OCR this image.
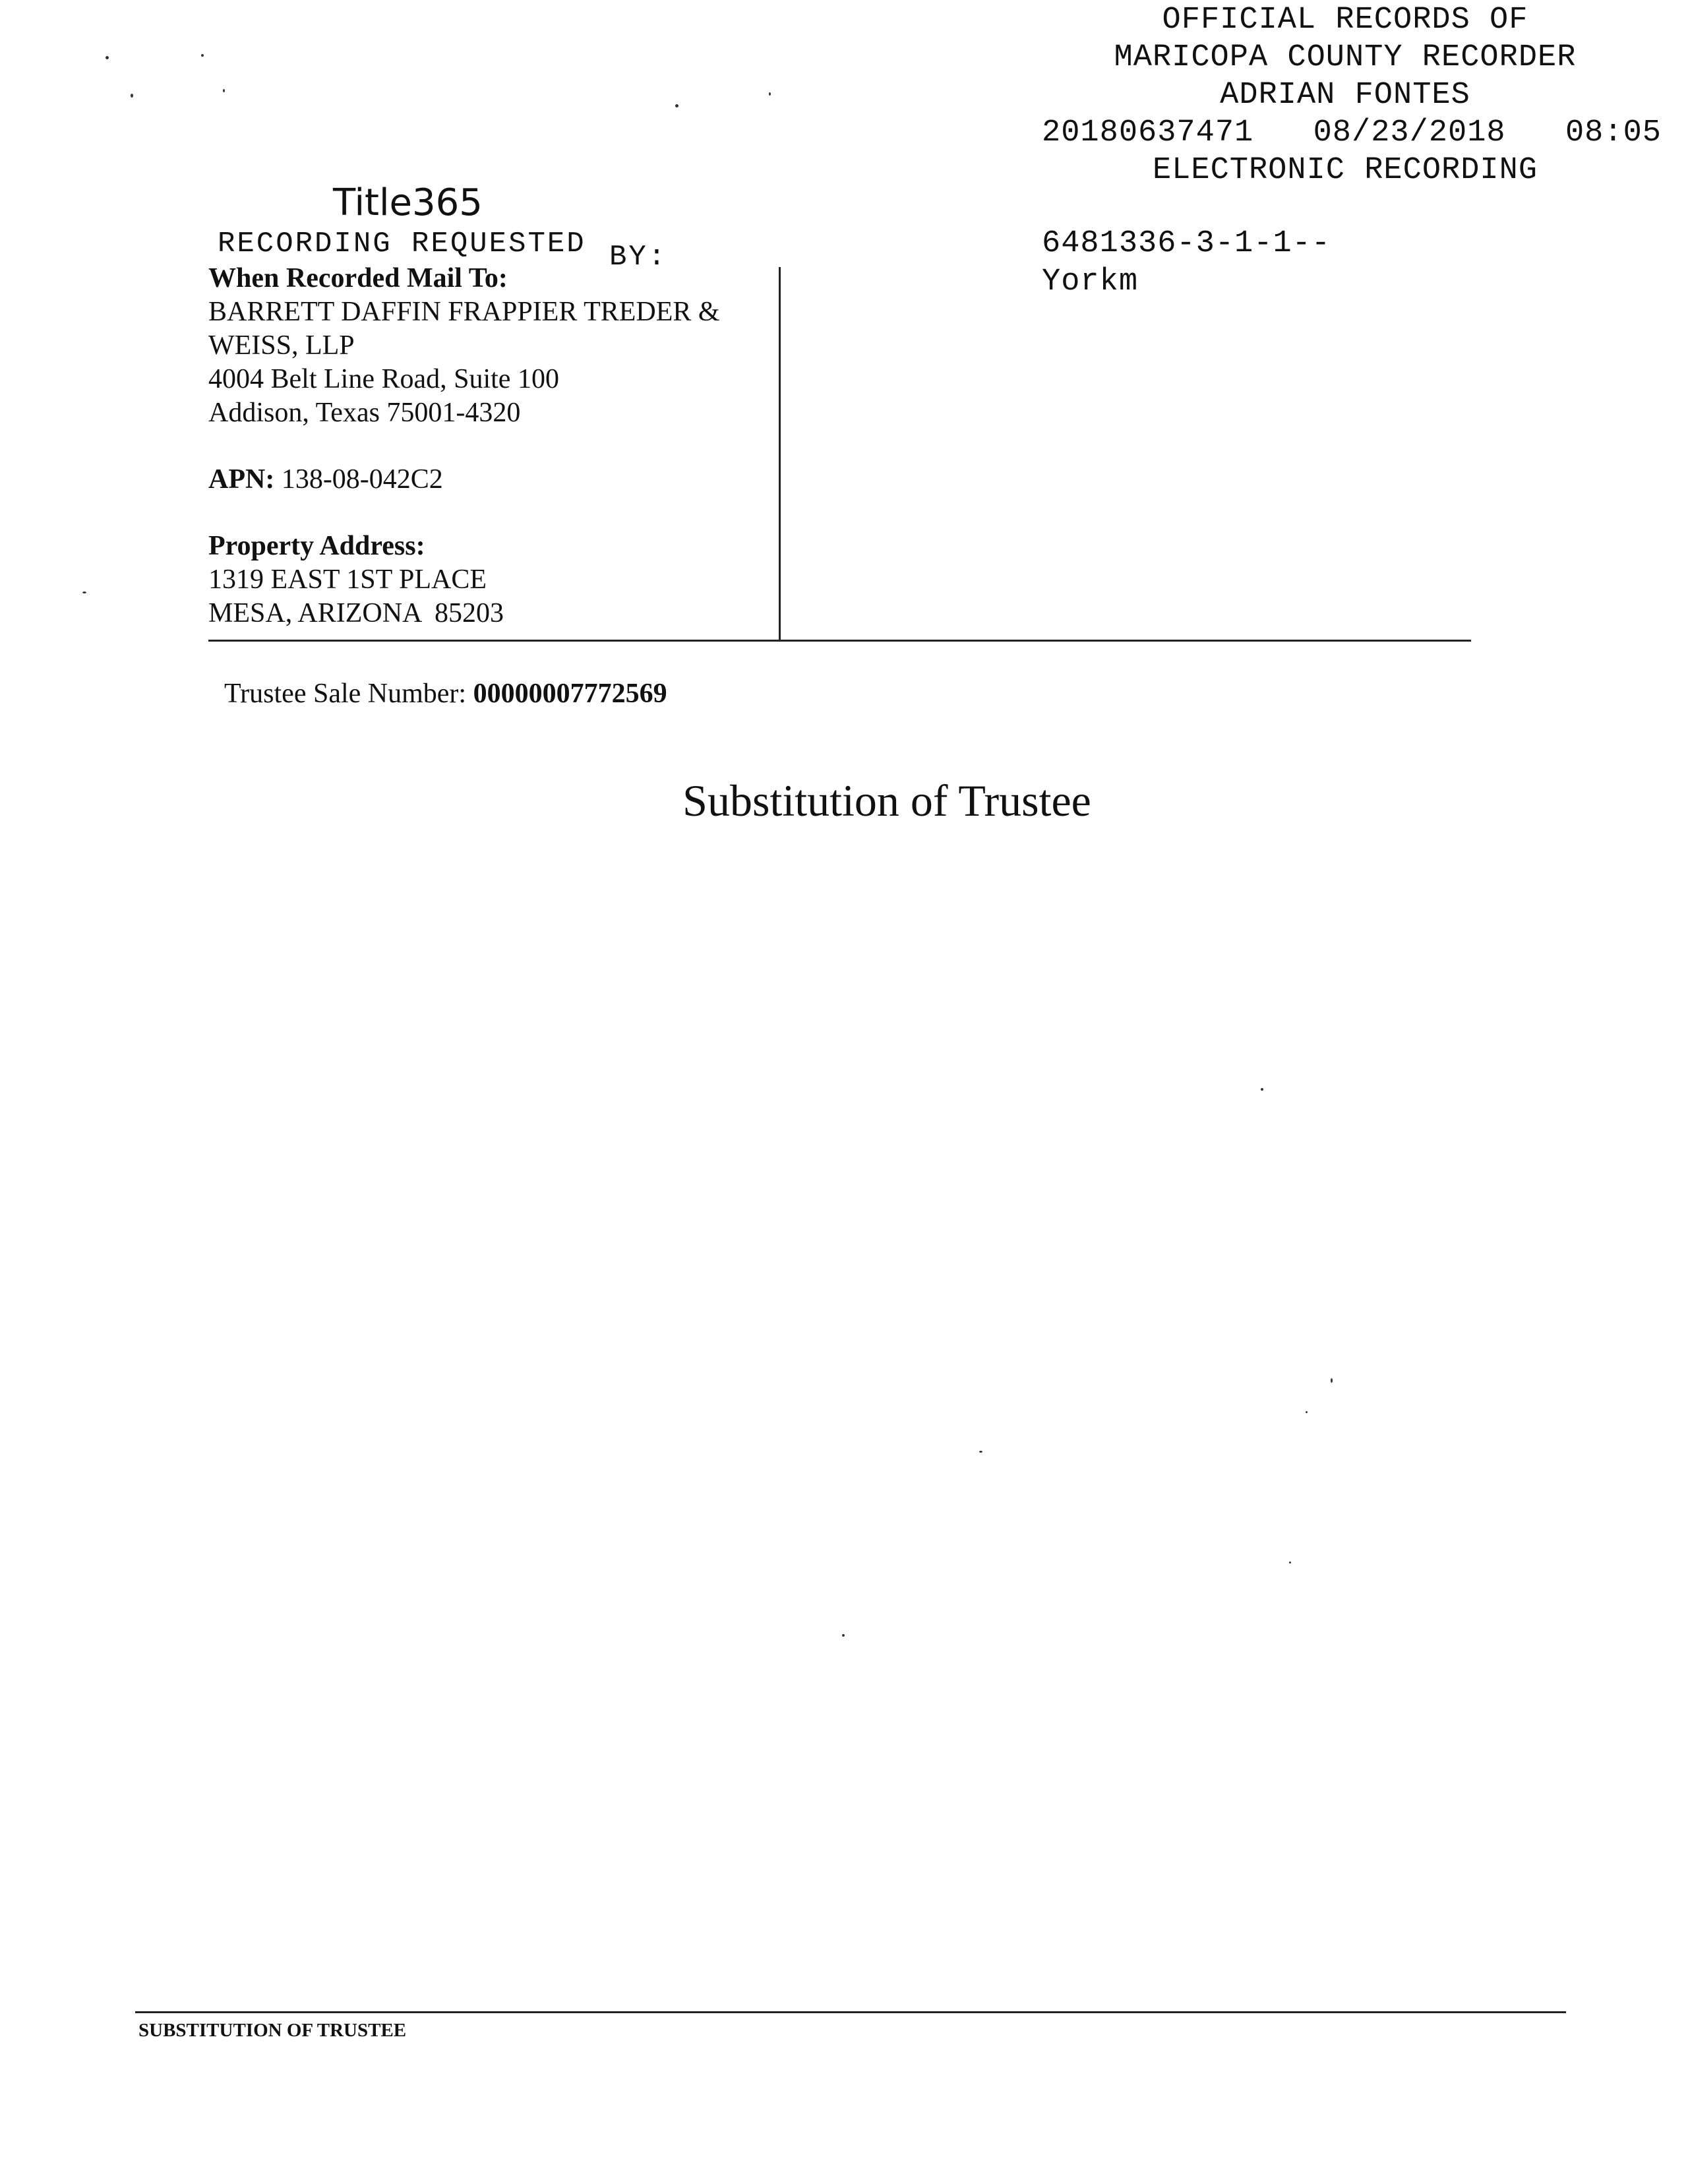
OFFICIAL RECORDS OF
MARICOPA COUNTY RECORDER
ADRIAN FONTES
20180637471 08/23/2018 08:05
ELECTRONIC RECORDING
6481336-3-1-1--
Yorkm
Title365
RECORDING REQUESTED BY:

When Recorded Mail To:

BARRETT DAFFIN FRAPPIER TREDER &

WEISS, LLP

4004 Belt Line Road, Suite 100

Addison, Texas 75001-4320

APN: 138-08-042C2

Property Address:

1319 EAST 1ST PLACE

MESA, ARIZONA  85203

Trustee Sale Number: 00000007772569
Substitution of Trustee
SUBSTITUTION OF TRUSTEE
